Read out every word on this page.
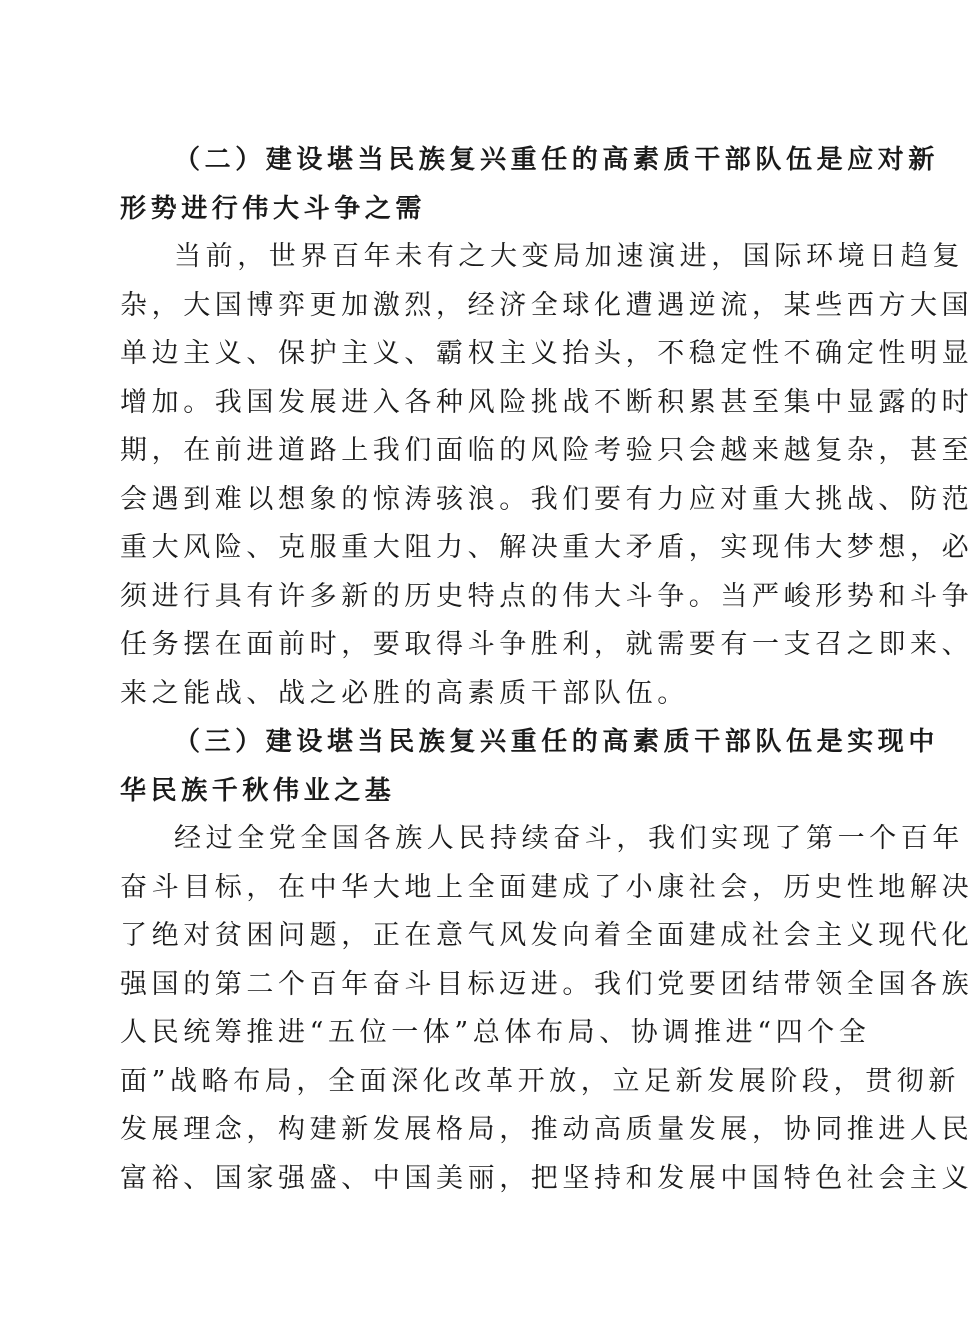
（二）建设堪当民族复兴重任的高素质干部队伍是应对新
形势进行伟大斗争之需
当前，世界百年未有之大变局加速演进，国际环境日趋复
杂，大国博弈更加激烈，经济全球化遭遇逆流，某些西方大国
单边主义、保护主义、霸权主义抬头，不稳定性不确定性明显
增加。我国发展进入各种风险挑战不断积累甚至集中显露的时
期，在前进道路上我们面临的风险考验只会越来越复杂，甚至
会遇到难以想象的惊涛骇浪。我们要有力应对重大挑战、防范
重大风险、克服重大阻力、解决重大矛盾，实现伟大梦想，必
须进行具有许多新的历史特点的伟大斗争。当严峻形势和斗争
任务摆在面前时，要取得斗争胜利，就需要有一支召之即来、
来之能战、战之必胜的高素质干部队伍。
（三）建设堪当民族复兴重任的高素质干部队伍是实现中
华民族千秋伟业之基
经过全党全国各族人民持续奋斗，我们实现了第一个百年
奋斗目标，在中华大地上全面建成了小康社会，历史性地解决
了绝对贫困问题，正在意气风发向着全面建成社会主义现代化
强国的第二个百年奋斗目标迈进。我们党要团结带领全国各族
人民统筹推进“五位一体”总体布局、协调推进“四个全
面”战略布局，全面深化改革开放，立足新发展阶段，贯彻新
发展理念，构建新发展格局，推动高质量发展，协同推进人民
富裕、国家强盛、中国美丽，把坚持和发展中国特色社会主义
